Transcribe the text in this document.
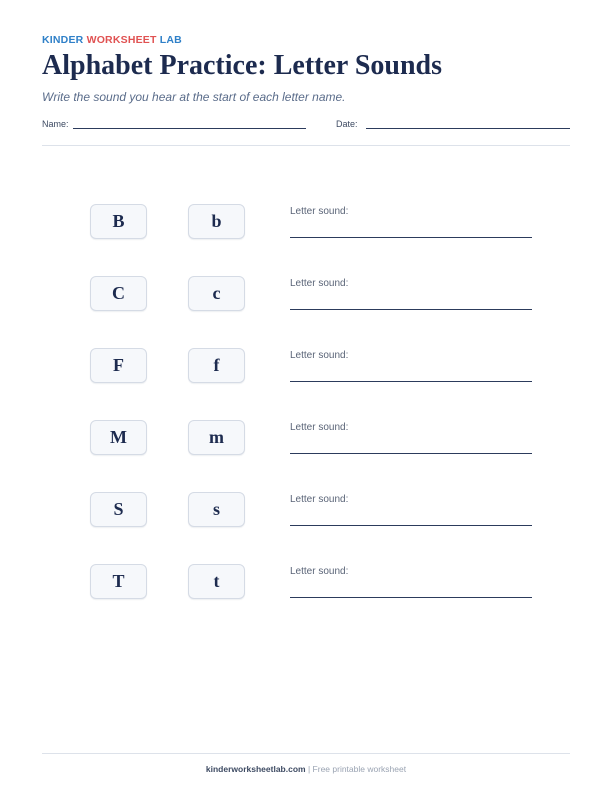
KINDER WORKSHEET LAB
Alphabet Practice: Letter Sounds
Write the sound you hear at the start of each letter name.
Name:	Date:
B	b	Letter sound:
C	c	Letter sound:
F	f	Letter sound:
M	m	Letter sound:
S	s	Letter sound:
T	t	Letter sound:
kinderworksheetlab.com | Free printable worksheet
